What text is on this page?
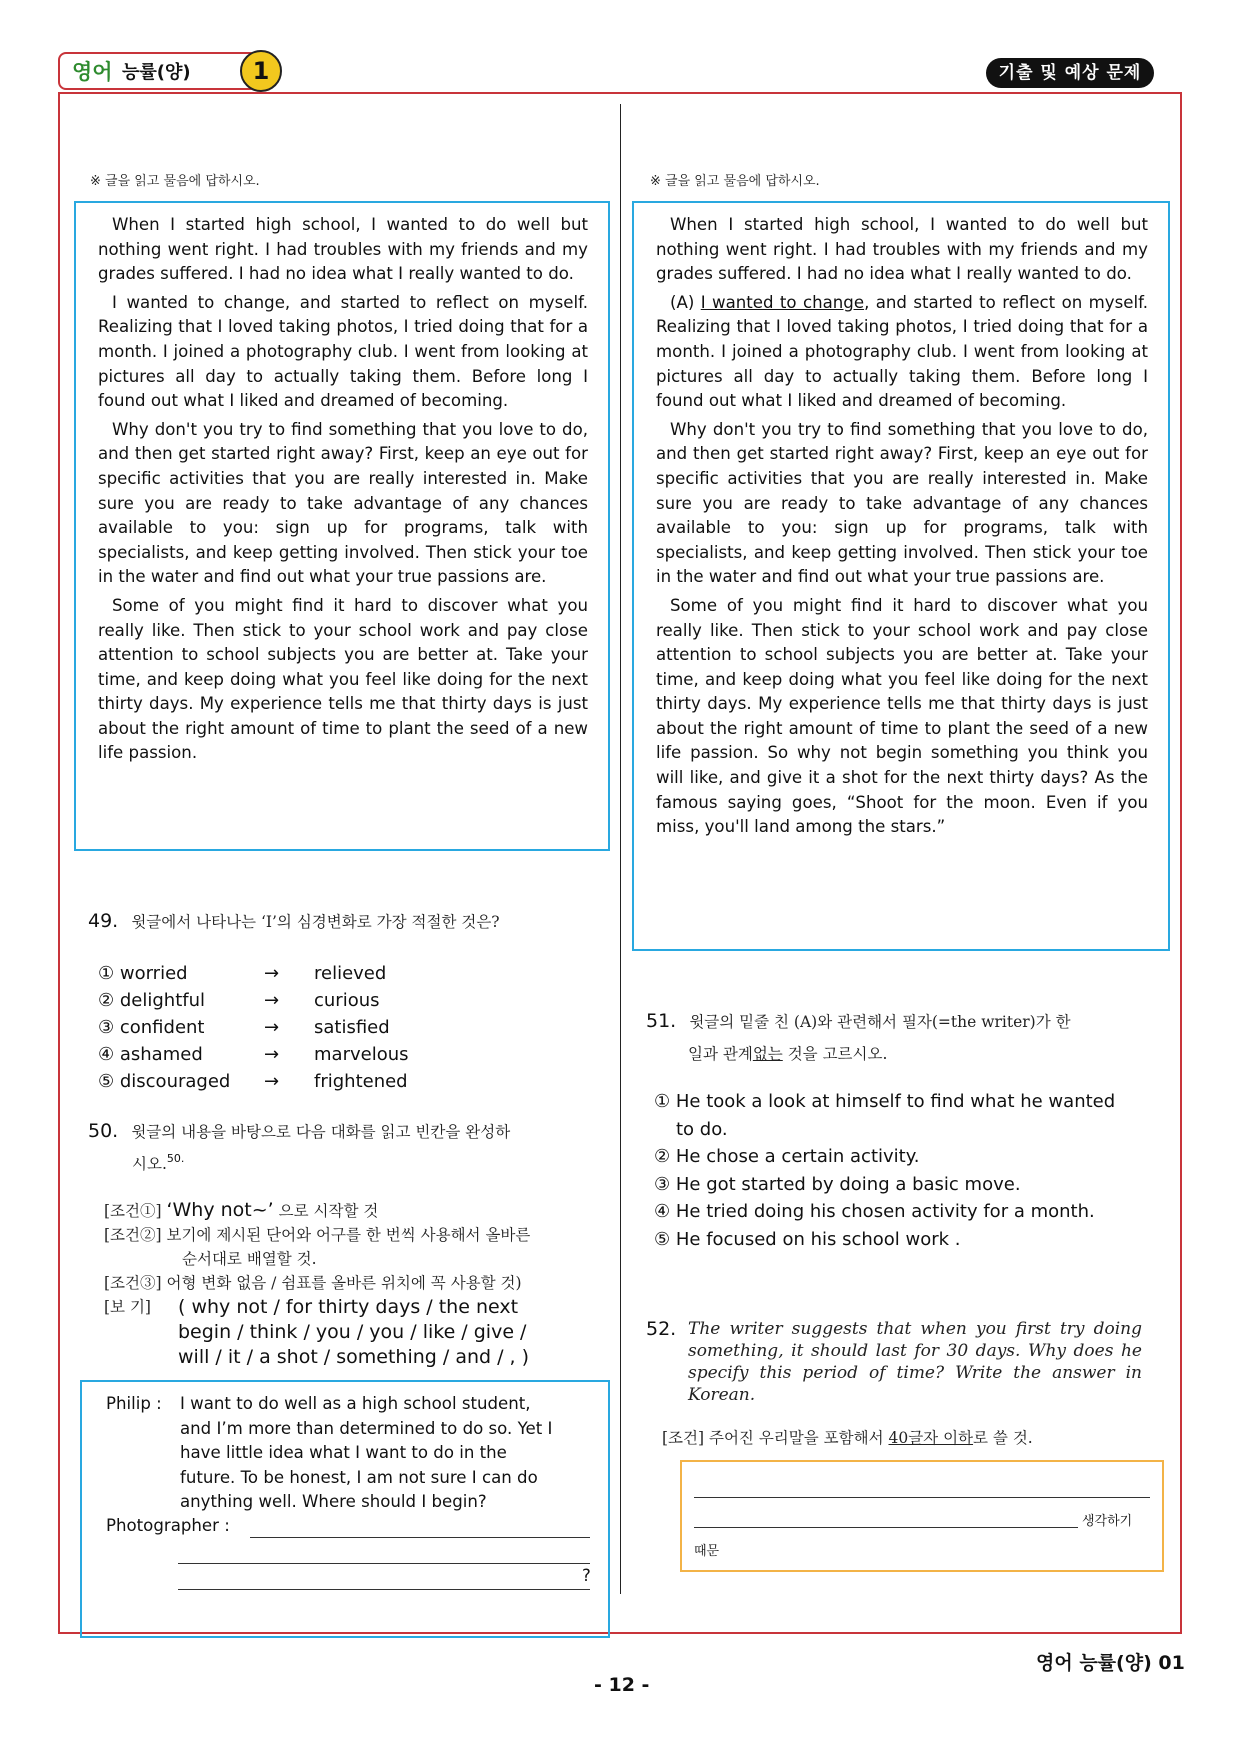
영어 능률(양)	1	기출 및 예상 문제
※ 글을 읽고 물음에 답하시오.

When I started high school, I wanted to do well but nothing went right. I had troubles with my friends and my grades suffered. I had no idea what I really wanted to do.

I wanted to change, and started to reflect on myself. Realizing that I loved taking photos, I tried doing that for a month. I joined a photography club. I went from looking at pictures all day to actually taking them. Before long I found out what I liked and dreamed of becoming.

Why don't you try to find something that you love to do, and then get started right away? First, keep an eye out for specific activities that you are really interested in. Make sure you are ready to take advantage of any chances available to you: sign up for programs, talk with specialists, and keep getting involved. Then stick your toe in the water and find out what your true passions are.

Some of you might find it hard to discover what you really like. Then stick to your school work and pay close attention to school subjects you are better at. Take your time, and keep doing what you feel like doing for the next thirty days. My experience tells me that thirty days is just about the right amount of time to plant the seed of a new life passion.

49. 윗글에서 나타나는 ‘I’의 심경변화로 가장 적절한 것은?
① worried	→	relieved
② delightful	→	curious
③ confident	→	satisfied
④ ashamed	→	marvelous
⑤ discouraged	→	frightened
50. 윗글의 내용을 바탕으로 다음 대화를 읽고 빈칸을 완성하
시오.$^{50.}$
[조건①] ‘Why not~’ 으로 시작할 것
[조건②] 보기에 제시된 단어와 어구를 한 번씩 사용해서 올바른
순서대로 배열할 것.
[조건③] 어형 변화 없음 / 쉼표를 올바른 위치에 꼭 사용할 것)
[보 기]	( why not / for thirty days / the next
begin / think / you / you / like / give /
will / it / a shot / something / and / , )
Philip : I want to do well as a high school student,
and I’m more than determined to do so. Yet I
have little idea what I want to do in the
future. To be honest, I am not sure I can do
anything well. Where should I begin?
Photographer :
?
※ 글을 읽고 물음에 답하시오.

When I started high school, I wanted to do well but nothing went right. I had troubles with my friends and my grades suffered. I had no idea what I really wanted to do.

(A) I wanted to change, and started to reflect on myself. Realizing that I loved taking photos, I tried doing that for a month. I joined a photography club. I went from looking at pictures all day to actually taking them. Before long I found out what I liked and dreamed of becoming.

Why don't you try to find something that you love to do, and then get started right away? First, keep an eye out for specific activities that you are really interested in. Make sure you are ready to take advantage of any chances available to you: sign up for programs, talk with specialists, and keep getting involved. Then stick your toe in the water and find out what your true passions are.

Some of you might find it hard to discover what you really like. Then stick to your school work and pay close attention to school subjects you are better at. Take your time, and keep doing what you feel like doing for the next thirty days. My experience tells me that thirty days is just about the right amount of time to plant the seed of a new life passion. So why not begin something you think you will like, and give it a shot for the next thirty days? As the famous saying goes, “Shoot for the moon. Even if you miss, you'll land among the stars.”

51. 윗글의 밑줄 친 (A)와 관련해서 필자(=the writer)가 한
일과 관계없는 것을 고르시오.
① He took a look at himself to find what he wanted
to do.
② He chose a certain activity.
③ He got started by doing a basic move.
④ He tried doing his chosen activity for a month.
⑤ He focused on his school work .
52. The writer suggests that when you first try doing something, it should last for 30 days. Why does he specify this period of time? Write the answer in Korean.
[조건] 주어진 우리말을 포함해서 40글자 이하로 쓸 것.
생각하기
때문
영어 능률(양) 01
- 12 -
